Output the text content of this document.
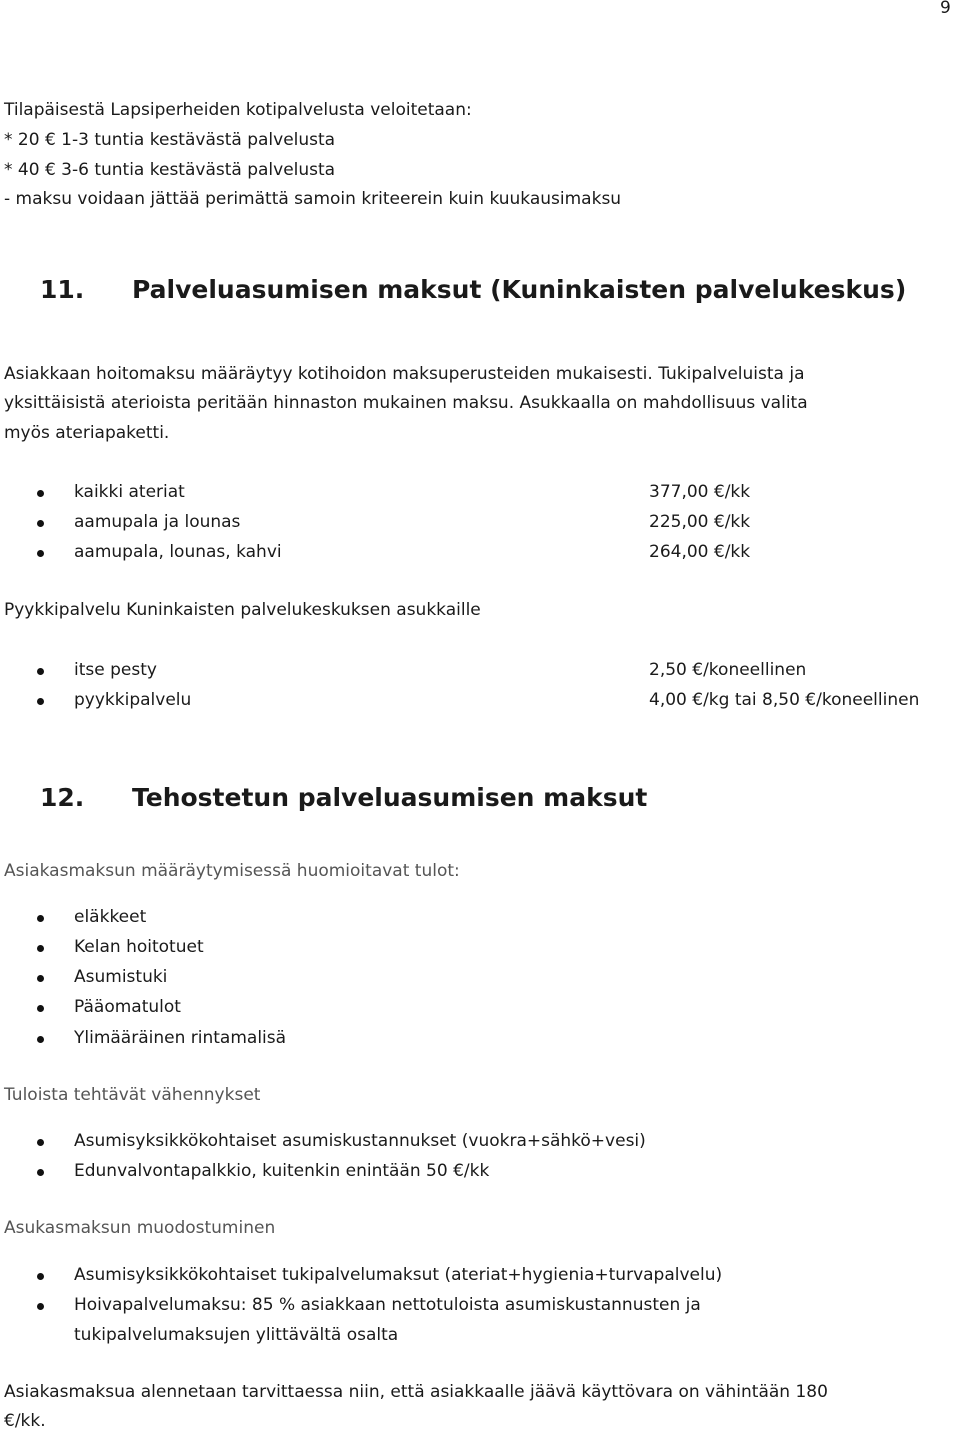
9
Tilapäisestä Lapsiperheiden kotipalvelusta veloitetaan:
* 20 € 1-3 tuntia kestävästä palvelusta
* 40 € 3-6 tuntia kestävästä palvelusta
- maksu voidaan jättää perimättä samoin kriteerein kuin kuukausimaksu
11. Palveluasumisen maksut (Kuninkaisten palvelukeskus)
Asiakkaan hoitomaksu määräytyy kotihoidon maksuperusteiden mukaisesti. Tukipalveluista ja
yksittäisistä aterioista peritään hinnaston mukainen maksu. Asukkaalla on mahdollisuus valita
myös ateriapaketti.
kaikki ateriat	377,00 €/kk
aamupala ja lounas	225,00 €/kk
aamupala, lounas, kahvi	264,00 €/kk
Pyykkipalvelu Kuninkaisten palvelukeskuksen asukkaille
itse pesty	2,50 €/koneellinen
pyykkipalvelu	4,00 €/kg tai 8,50 €/koneellinen
12. Tehostetun palveluasumisen maksut
Asiakasmaksun määräytymisessä huomioitavat tulot:
eläkkeet
Kelan hoitotuet
Asumistuki
Pääomatulot
Ylimääräinen rintamalisä
Tuloista tehtävät vähennykset
Asumisyksikkökohtaiset asumiskustannukset (vuokra+sähkö+vesi)
Edunvalvontapalkkio, kuitenkin enintään 50 €/kk
Asukasmaksun muodostuminen
Asumisyksikkökohtaiset tukipalvelumaksut (ateriat+hygienia+turvapalvelu)
Hoivapalvelumaksu: 85 % asiakkaan nettotuloista asumiskustannusten ja
tukipalvelumaksujen ylittävältä osalta
Asiakasmaksua alennetaan tarvittaessa niin, että asiakkaalle jäävä käyttövara on vähintään 180
€/kk.
